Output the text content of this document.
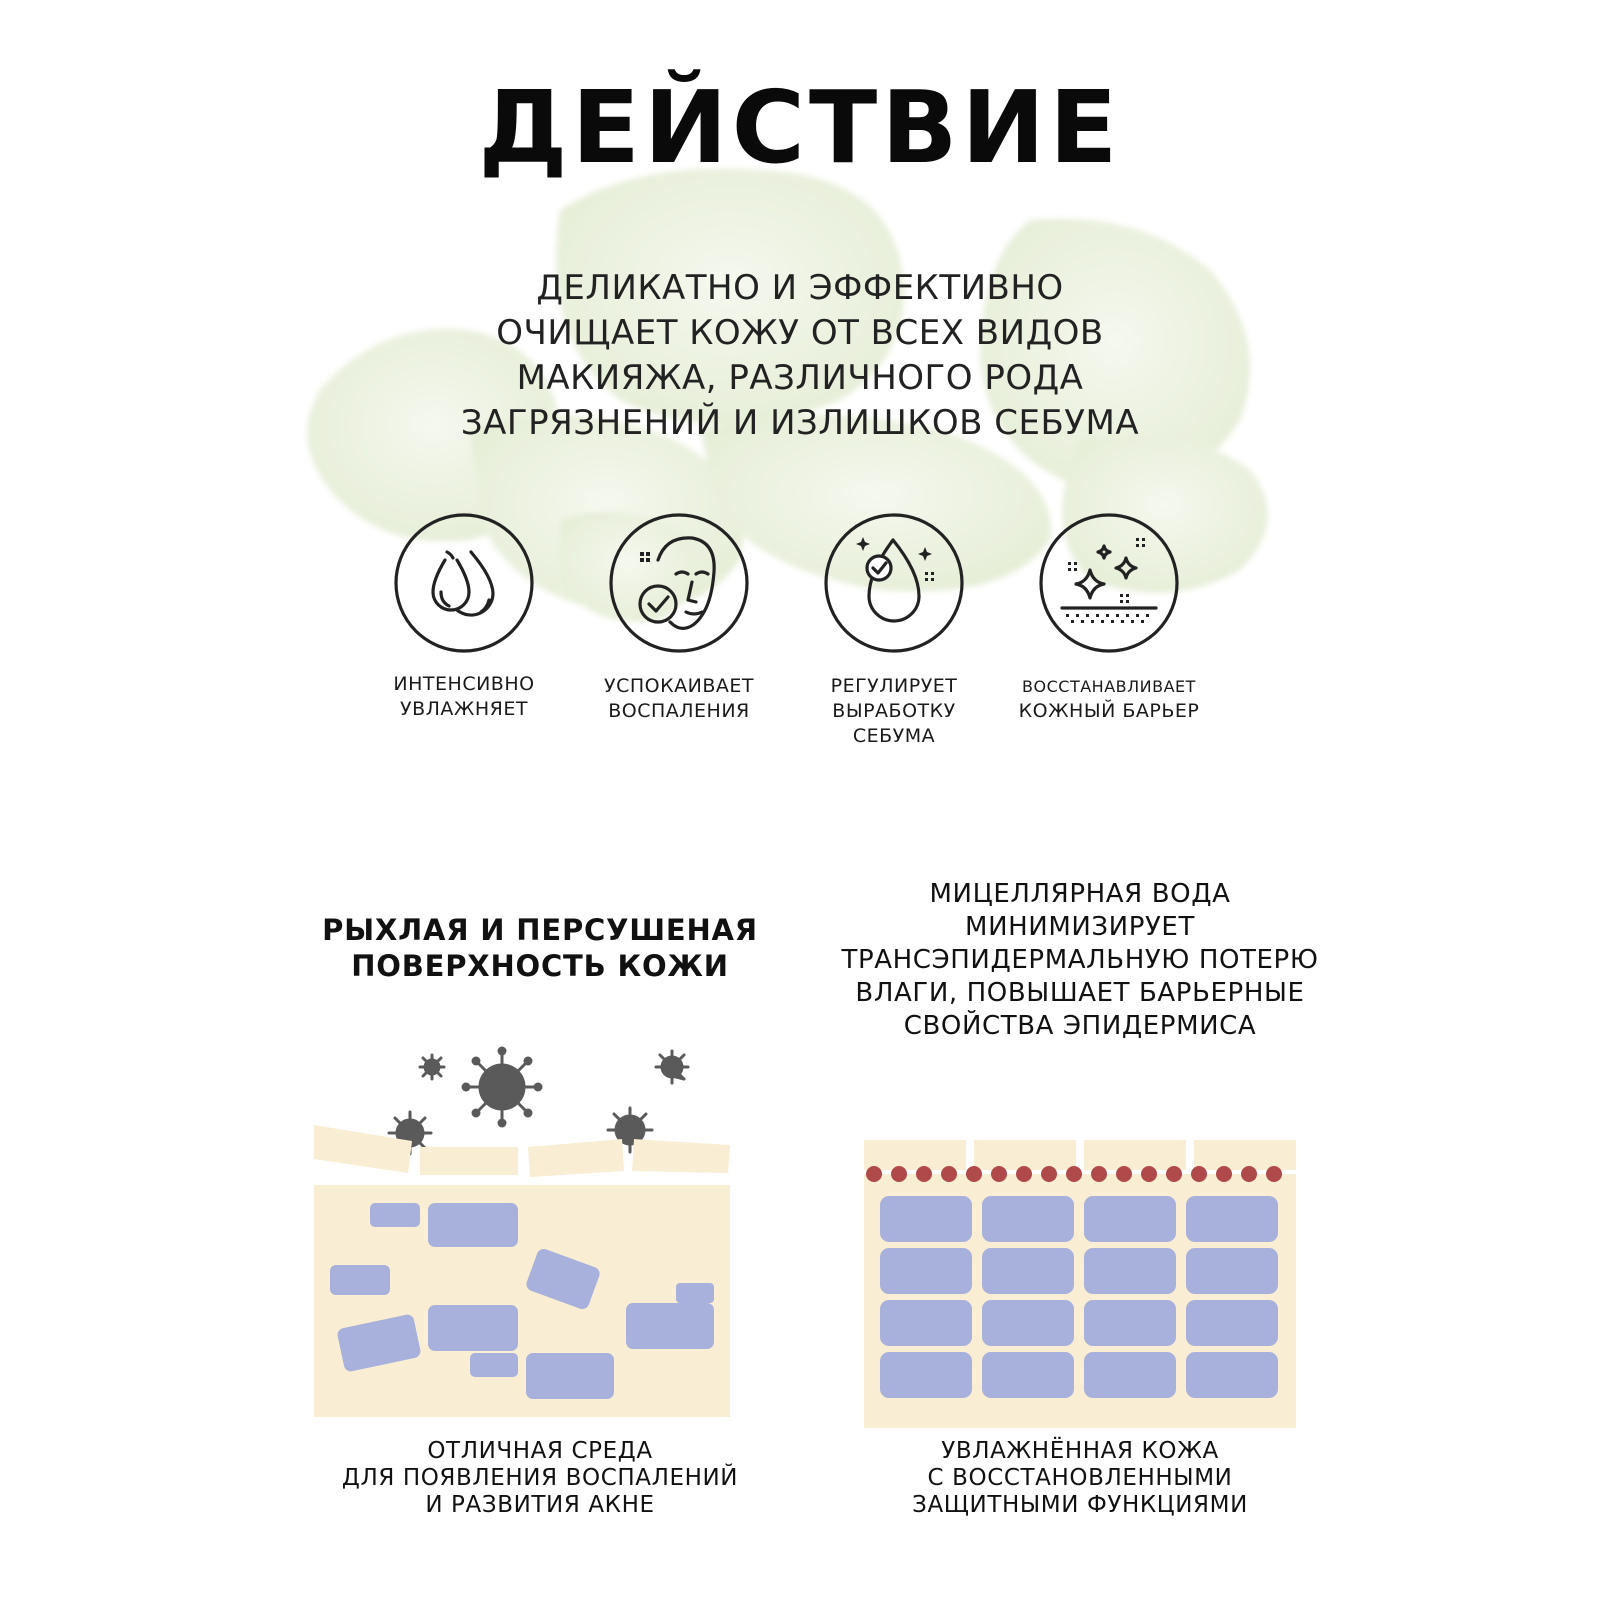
ДЕЙСТВИЕ
ДЕЛИКАТНО И ЭФФЕКТИВНО
ОЧИЩАЕТ КОЖУ ОТ ВСЕХ ВИДОВ
МАКИЯЖА, РАЗЛИЧНОГО РОДА
ЗАГРЯЗНЕНИЙ И ИЗЛИШКОВ СЕБУМА
ИНТЕНСИВНО
УВЛАЖНЯЕТ
УСПОКАИВАЕТ
ВОСПАЛЕНИЯ
РЕГУЛИРУЕТ
ВЫРАБОТКУ
СЕБУМА
ВОССТАНАВЛИВАЕТ
КОЖНЫЙ БАРЬЕР
РЫХЛАЯ И ПЕРСУШЕНАЯ
ПОВЕРХНОСТЬ КОЖИ
ОТЛИЧНАЯ СРЕДА
ДЛЯ ПОЯВЛЕНИЯ ВОСПАЛЕНИЙ
И РАЗВИТИЯ АКНЕ
МИЦЕЛЛЯРНАЯ ВОДА
МИНИМИЗИРУЕТ
ТРАНСЭПИДЕРМАЛЬНУЮ ПОТЕРЮ
ВЛАГИ, ПОВЫШАЕТ БАРЬЕРНЫЕ
СВОЙСТВА ЭПИДЕРМИСА
УВЛАЖНЁННАЯ КОЖА
С ВОССТАНОВЛЕННЫМИ
ЗАЩИТНЫМИ ФУНКЦИЯМИ
